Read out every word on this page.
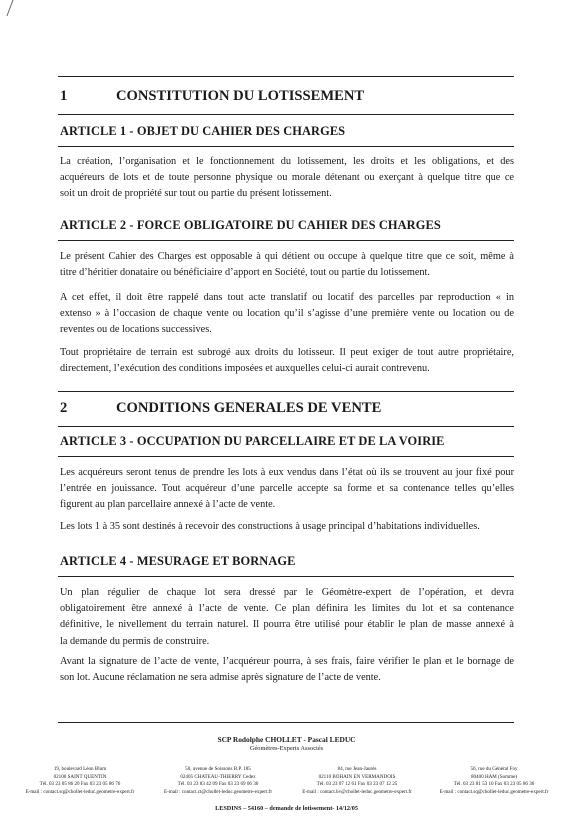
1	CONSTITUTION DU LOTISSEMENT
ARTICLE 1 - OBJET DU CAHIER DES CHARGES
La création, l’organisation et le fonctionnement du lotissement, les droits et les obligations, et des
acquéreurs de lots et de toute personne physique ou morale détenant ou exerçant à quelque titre que ce
soit un droit de propriété sur tout ou partie du présent lotissement.
ARTICLE 2 - FORCE OBLIGATOIRE DU CAHIER DES CHARGES
Le présent Cahier des Charges est opposable à qui détient ou occupe à quelque titre que ce soit, même à
titre d’héritier donataire ou bénéficiaire d’apport en Société, tout ou partie du lotissement.
A cet effet, il doit être rappelé dans tout acte translatif ou locatif des parcelles par reproduction « in
extenso » à l’occasion de chaque vente ou location qu’il s’agisse d’une première vente ou location ou de
reventes ou de locations successives.
Tout propriétaire de terrain est subrogé aux droits du lotisseur. Il peut exiger de tout autre propriétaire,
directement, l’exécution des conditions imposées et auxquelles celui-ci aurait contrevenu.
2	CONDITIONS GENERALES DE VENTE
ARTICLE 3 - OCCUPATION DU PARCELLAIRE ET DE LA VOIRIE
Les acquéreurs seront tenus de prendre les lots à eux vendus dans l’état où ils se trouvent au jour fixé pour
l’entrée en jouissance. Tout acquéreur d’une parcelle accepte sa forme et sa contenance telles qu’elles
figurent au plan parcellaire annexé à l’acte de vente.
Les lots 1 à 35 sont destinés à recevoir des constructions à usage principal d’habitations individuelles.
ARTICLE 4 - MESURAGE ET BORNAGE
Un plan régulier de chaque lot sera dressé par le Géomètre-expert de l’opération, et devra
obligatoirement être annexé à l’acte de vente. Ce plan définira les limites du lot et sa contenance
définitive, le nivellement du terrain naturel. Il pourra être utilisé pour établir le plan de masse annexé à
la demande du permis de construire.
Avant la signature de l’acte de vente, l’acquéreur pourra, à ses frais, faire vérifier le plan et le bornage de
son lot. Aucune réclamation ne sera admise après signature de l’acte de vente.
SCP Rodolphe CHOLLET - Pascal LEDUC
Géomètres-Experts Associés
19, boulevard Léon Blum
02100 SAINT QUENTIN
Tél. 03 23 05 86 20 Fax 03 23 05 86 76
E-mail : contact.sq@chollet-leduc.geometre-expert.fr
50, avenue de Soissons B.P. 185
02405 CHATEAU-THIERRY Cedex
Tél. 03 23 83 42 09 Fax 03 23 69 06 36
E-mail : contact.ct@chollet-leduc.geometre-expert.fr
84, rue Jean-Jaurès
02110 BOHAIN EN VERMANDOIS
Tél. 03 23 07 12 61 Fax 03 23 07 12 25
E-mail : contact.bv@chollet-leduc.geometre-expert.fr
56, rue du Général Foy
80400 HAM (Somme)
Tél. 03 23 81 53 10 Fax 03 23 05 86 36
E-mail : contact.sq@chollet-leduc.geometre-expert.fr
LESDINS – 54160 – demande de lotissement- 14/12/05
